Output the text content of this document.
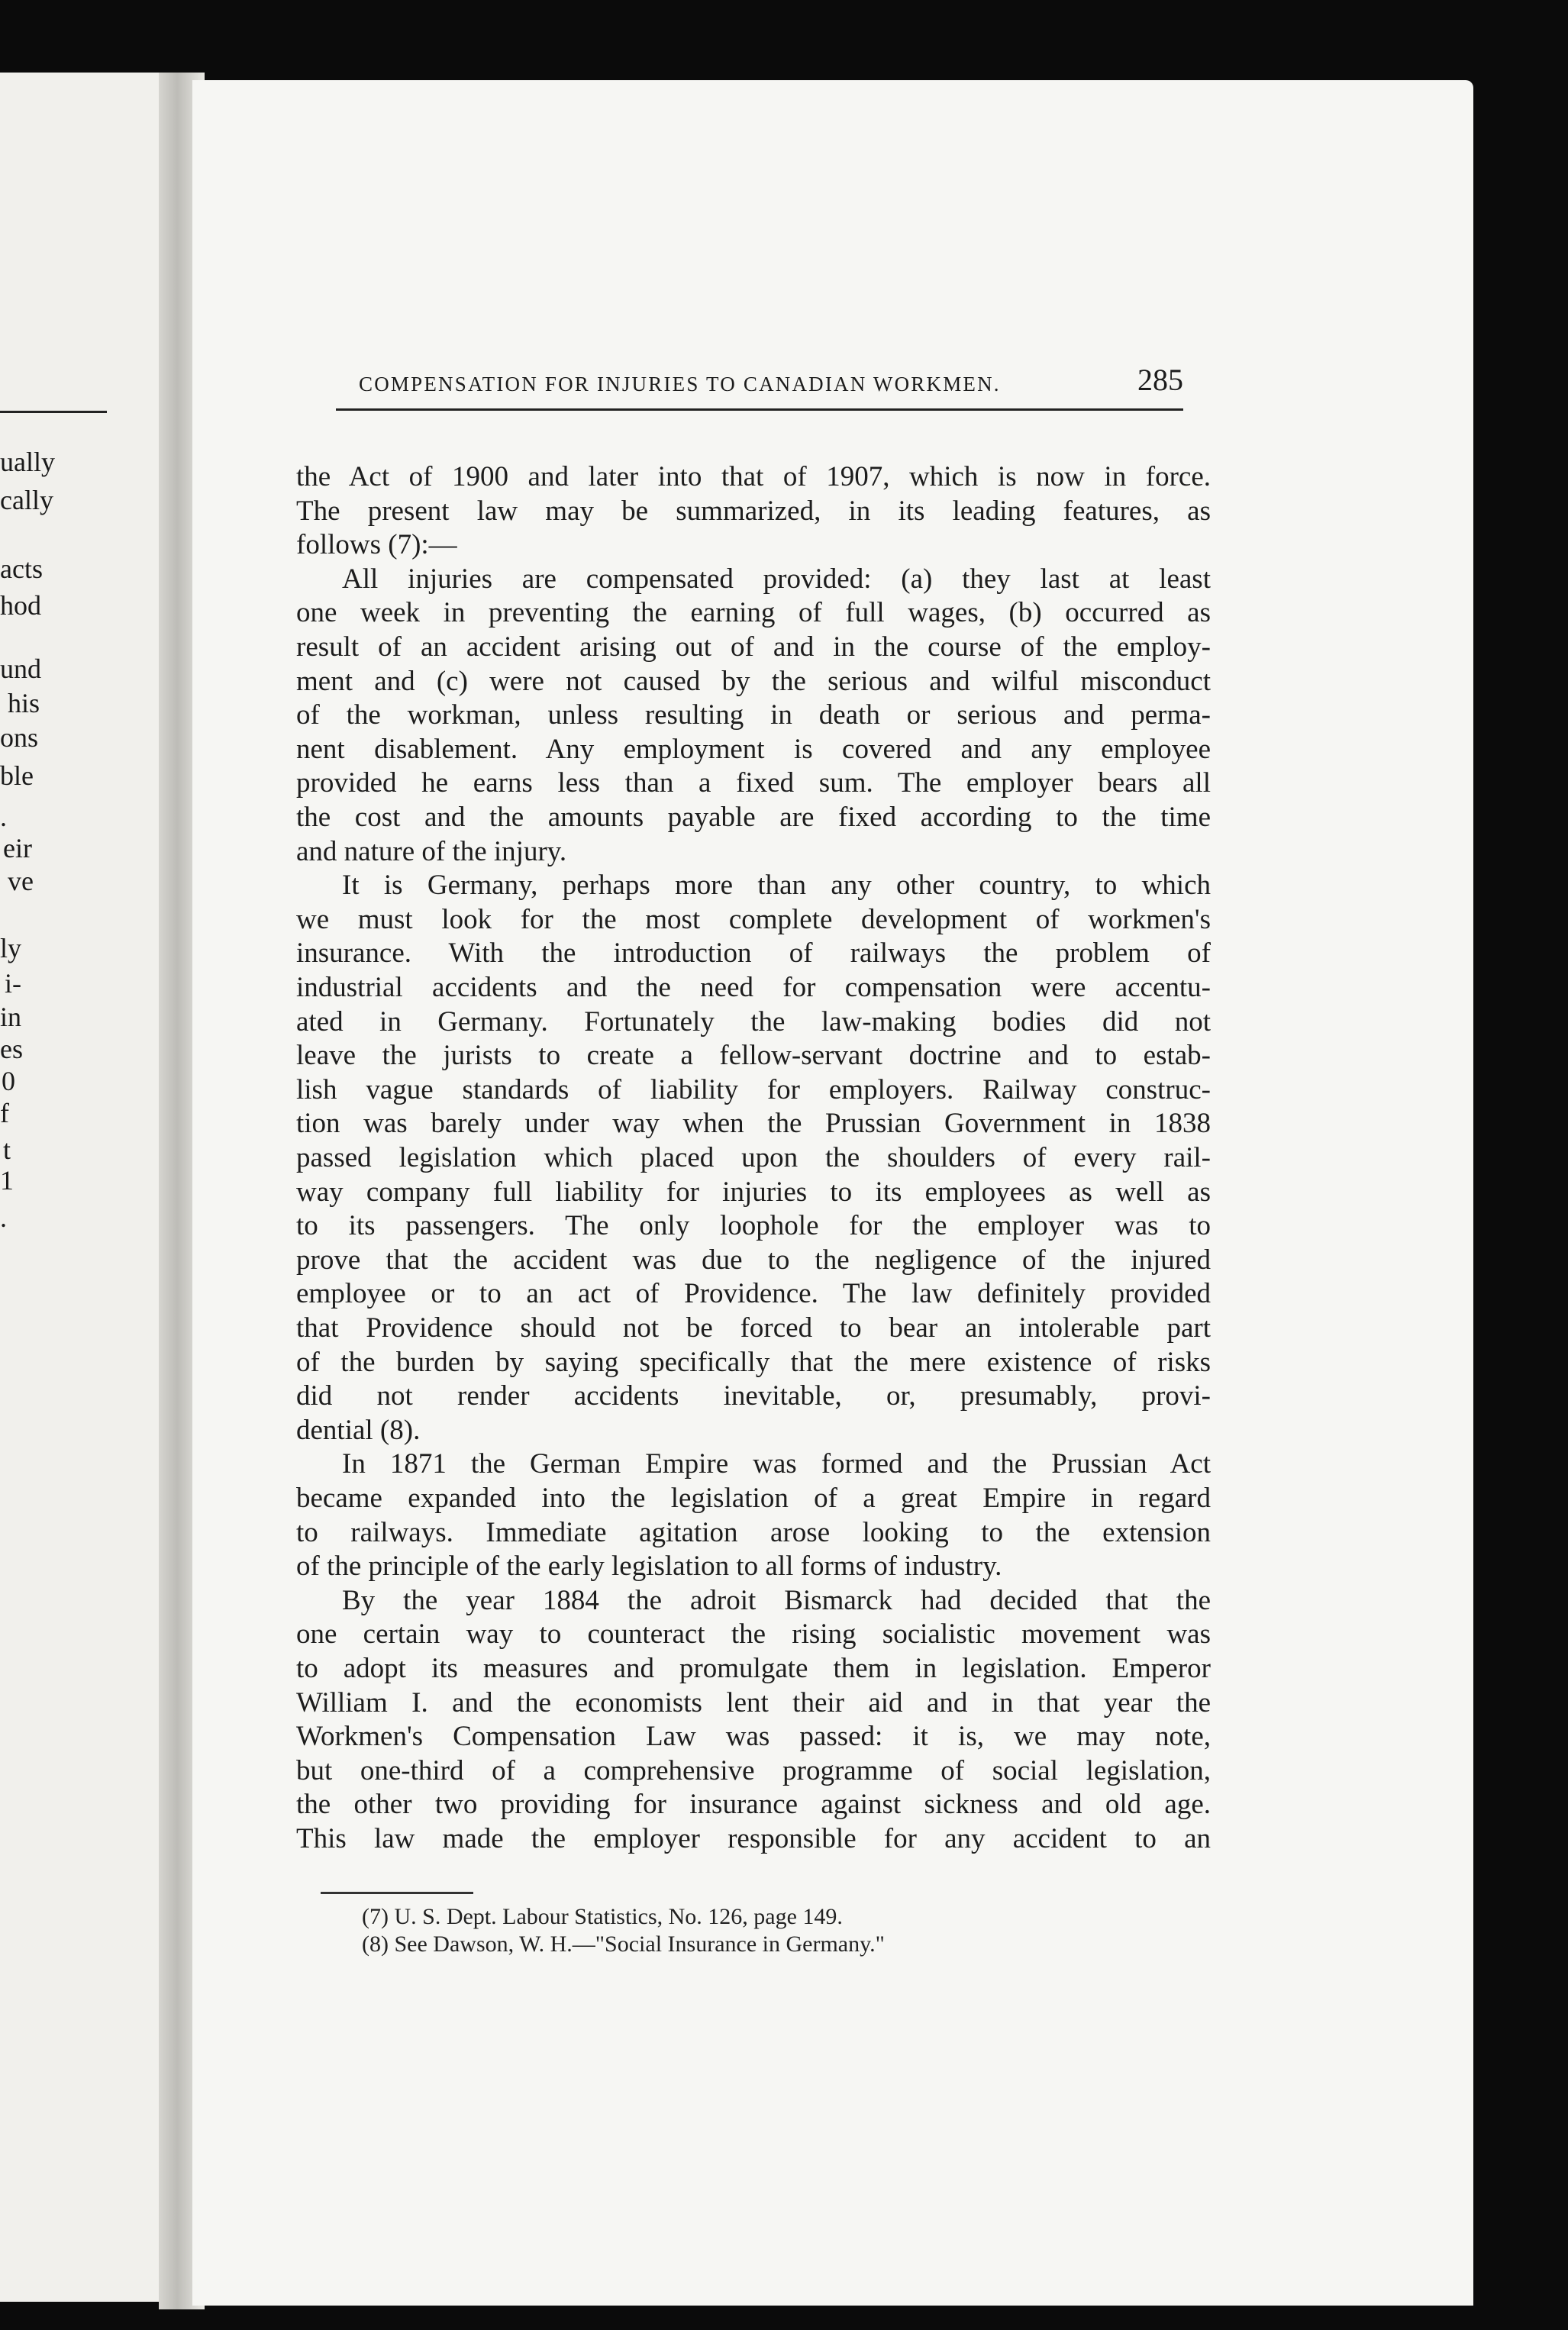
ually
cally
acts
hod
und
his
ons
ble
.
eir
ve
ly
i-
in
es
0
f
t
1
.
COMPENSATION FOR INJURIES TO CANADIAN WORKMEN.	285
the Act of 1900 and later into that of 1907, which is now in force.
The present law may be summarized, in its leading features, as
follows (7):—
All injuries are compensated provided: (a) they last at least
one week in preventing the earning of full wages, (b) occurred as
result of an accident arising out of and in the course of the employ-
ment and (c) were not caused by the serious and wilful misconduct
of the workman, unless resulting in death or serious and perma-
nent disablement. Any employment is covered and any employee
provided he earns less than a fixed sum. The employer bears all
the cost and the amounts payable are fixed according to the time
and nature of the injury.
It is Germany, perhaps more than any other country, to which
we must look for the most complete development of workmen's
insurance. With the introduction of railways the problem of
industrial accidents and the need for compensation were accentu-
ated in Germany. Fortunately the law-making bodies did not
leave the jurists to create a fellow-servant doctrine and to estab-
lish vague standards of liability for employers. Railway construc-
tion was barely under way when the Prussian Government in 1838
passed legislation which placed upon the shoulders of every rail-
way company full liability for injuries to its employees as well as
to its passengers. The only loophole for the employer was to
prove that the accident was due to the negligence of the injured
employee or to an act of Providence. The law definitely provided
that Providence should not be forced to bear an intolerable part
of the burden by saying specifically that the mere existence of risks
did not render accidents inevitable, or, presumably, provi-
dential (8).
In 1871 the German Empire was formed and the Prussian Act
became expanded into the legislation of a great Empire in regard
to railways. Immediate agitation arose looking to the extension
of the principle of the early legislation to all forms of industry.
By the year 1884 the adroit Bismarck had decided that the
one certain way to counteract the rising socialistic movement was
to adopt its measures and promulgate them in legislation. Emperor
William I. and the economists lent their aid and in that year the
Workmen's Compensation Law was passed: it is, we may note,
but one-third of a comprehensive programme of social legislation,
the other two providing for insurance against sickness and old age.
This law made the employer responsible for any accident to an
(7) U. S. Dept. Labour Statistics, No. 126, page 149.
(8) See Dawson, W. H.—"Social Insurance in Germany."
